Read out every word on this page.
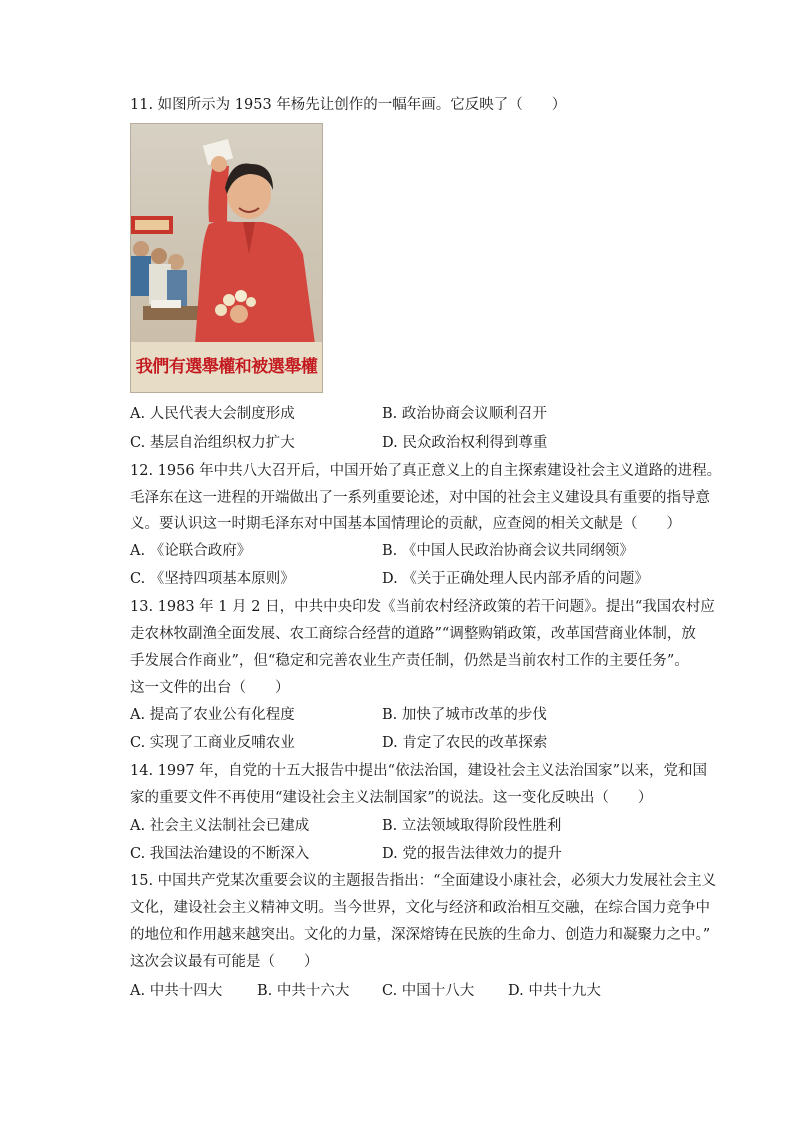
11. 如图所示为 1953 年杨先让创作的一幅年画。它反映了（　　）
我們有選舉權和被選舉權
A. 人民代表大会制度形成	B. 政治协商会议顺利召开
C. 基层自治组织权力扩大	D. 民众政治权利得到尊重
12. 1956 年中共八大召开后，中国开始了真正意义上的自主探索建设社会主义道路的进程。
毛泽东在这一进程的开端做出了一系列重要论述，对中国的社会主义建设具有重要的指导意
义。要认识这一时期毛泽东对中国基本国情理论的贡献，应查阅的相关文献是（　　）
A. 《论联合政府》	B. 《中国人民政治协商会议共同纲领》
C. 《坚持四项基本原则》	D. 《关于正确处理人民内部矛盾的问题》
13. 1983 年 1 月 2 日，中共中央印发《当前农村经济政策的若干问题》。提出“我国农村应
走农林牧副渔全面发展、农工商综合经营的道路”“调整购销政策，改革国营商业体制，放
手发展合作商业”，但“稳定和完善农业生产责任制，仍然是当前农村工作的主要任务”。
这一文件的出台（　　）
A. 提高了农业公有化程度	B. 加快了城市改革的步伐
C. 实现了工商业反哺农业	D. 肯定了农民的改革探索
14. 1997 年，自党的十五大报告中提出“依法治国，建设社会主义法治国家”以来，党和国
家的重要文件不再使用“建设社会主义法制国家”的说法。这一变化反映出（　　）
A. 社会主义法制社会已建成	B. 立法领域取得阶段性胜利
C. 我国法治建设的不断深入	D. 党的报告法律效力的提升
15. 中国共产党某次重要会议的主题报告指出：“全面建设小康社会，必须大力发展社会主义
文化，建设社会主义精神文明。当今世界，文化与经济和政治相互交融，在综合国力竞争中
的地位和作用越来越突出。文化的力量，深深熔铸在民族的生命力、创造力和凝聚力之中。”
这次会议最有可能是（　　）
A. 中共十四大 B. 中共十六大 C. 中国十八大 D. 中共十九大
